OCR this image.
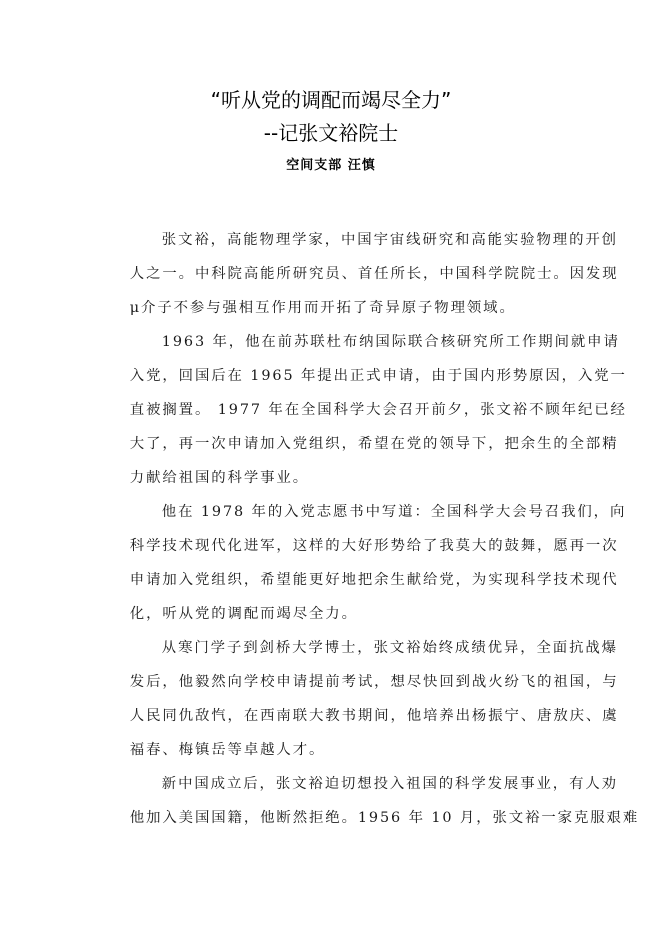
“听从党的调配而竭尽全力”
--记张文裕院士
空间支部 汪慎
张文裕，高能物理学家，中国宇宙线研究和高能实验物理的开创
人之一。中科院高能所研究员、首任所长，中国科学院院士。因发现
μ介子不参与强相互作用而开拓了奇异原子物理领域。
1963 年，他在前苏联杜布纳国际联合核研究所工作期间就申请
入党，回国后在 1965 年提出正式申请，由于国内形势原因，入党一
直被搁置。 1977 年在全国科学大会召开前夕，张文裕不顾年纪已经
大了，再一次申请加入党组织，希望在党的领导下，把余生的全部精
力献给祖国的科学事业。
他在 1978 年的入党志愿书中写道：全国科学大会号召我们，向
科学技术现代化进军，这样的大好形势给了我莫大的鼓舞，愿再一次
申请加入党组织，希望能更好地把余生献给党，为实现科学技术现代
化，听从党的调配而竭尽全力。
从寒门学子到剑桥大学博士，张文裕始终成绩优异，全面抗战爆
发后，他毅然向学校申请提前考试，想尽快回到战火纷飞的祖国，与
人民同仇敌忾，在西南联大教书期间，他培养出杨振宁、唐敖庆、虞
福春、梅镇岳等卓越人才。
新中国成立后，张文裕迫切想投入祖国的科学发展事业，有人劝
他加入美国国籍，他断然拒绝。1956 年 10 月，张文裕一家克服艰难
